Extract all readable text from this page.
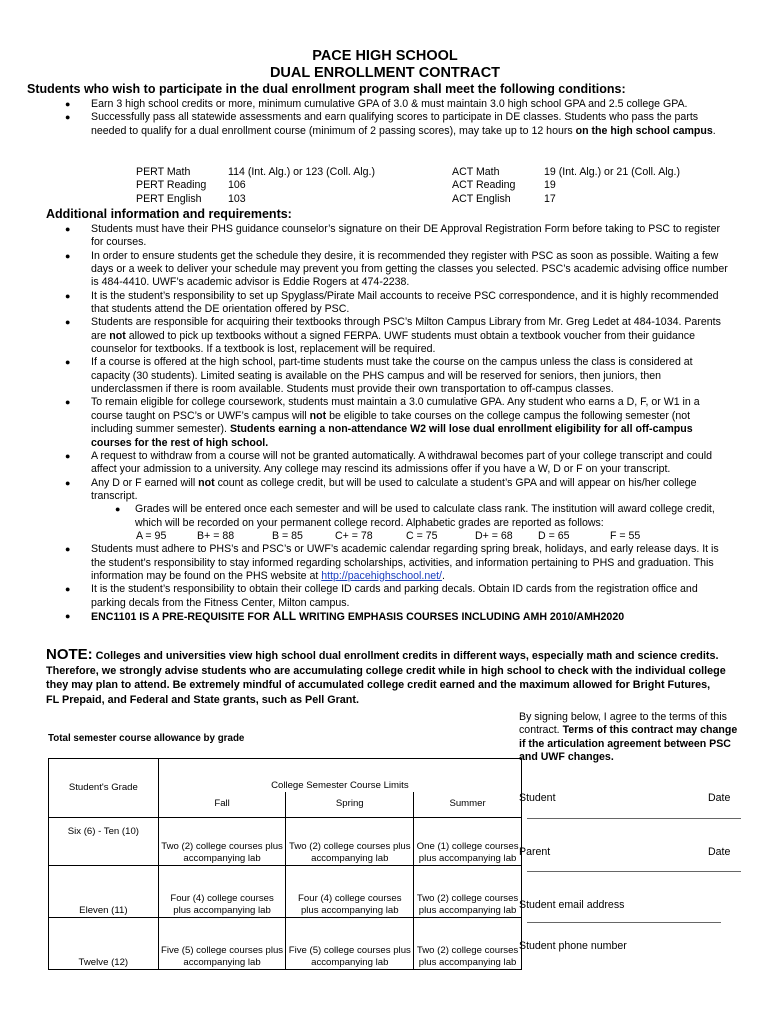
PACE HIGH SCHOOL
DUAL ENROLLMENT CONTRACT
Students who wish to participate in the dual enrollment program shall meet the following conditions:
● Earn 3 high school credits or more, minimum cumulative GPA of 3.0 & must maintain 3.0 high school GPA and 2.5 college GPA.
● Successfully pass all statewide assessments and earn qualifying scores to participate in DE classes. Students who pass the parts needed to qualify for a dual enrollment course (minimum of 2 passing scores), may take up to 12 hours on the high school campus.
PERT Math	114 (Int. Alg.) or 123 (Coll. Alg.)	ACT Math	19 (Int. Alg.) or 21 (Coll. Alg.)
PERT Reading 106	ACT Reading	19
PERT English 103	ACT English	17
Additional information and requirements:
● Students must have their PHS guidance counselor’s signature on their DE Approval Registration Form before taking to PSC to register for courses.
● In order to ensure students get the schedule they desire, it is recommended they register with PSC as soon as possible. Waiting a few days or a week to deliver your schedule may prevent you from getting the classes you selected. PSC’s academic advising office number is 484-4410. UWF’s academic advisor is Eddie Rogers at 474-2238.
● It is the student’s responsibility to set up Spyglass/Pirate Mail accounts to receive PSC correspondence, and it is highly recommended that students attend the DE orientation offered by PSC.
● Students are responsible for acquiring their textbooks through PSC’s Milton Campus Library from Mr. Greg Ledet at 484-1034. Parents are not allowed to pick up textbooks without a signed FERPA. UWF students must obtain a textbook voucher from their guidance counselor for textbooks. If a textbook is lost, replacement will be required.
● If a course is offered at the high school, part-time students must take the course on the campus unless the class is considered at capacity (30 students). Limited seating is available on the PHS campus and will be reserved for seniors, then juniors, then underclassmen if there is room available. Students must provide their own transportation to off-campus classes.
● To remain eligible for college coursework, students must maintain a 3.0 cumulative GPA. Any student who earns a D, F, or W1 in a course taught on PSC’s or UWF’s campus will not be eligible to take courses on the college campus the following semester (not including summer semester). Students earning a non-attendance W2 will lose dual enrollment eligibility for all off-campus courses for the rest of high school.
● A request to withdraw from a course will not be granted automatically. A withdrawal becomes part of your college transcript and could affect your admission to a university. Any college may rescind its admissions offer if you have a W, D or F on your transcript.
● Any D or F earned will not count as college credit, but will be used to calculate a student’s GPA and will appear on his/her college transcript.
● Grades will be entered once each semester and will be used to calculate class rank. The institution will award college credit, which will be recorded on your permanent college record. Alphabetic grades are reported as follows:
A = 95	B+ = 88	B = 85	C+ = 78	C = 75	D+ = 68 D = 65	F = 55
● Students must adhere to PHS’s and PSC’s or UWF’s academic calendar regarding spring break, holidays, and early release days. It is the student’s responsibility to stay informed regarding scholarships, activities, and information pertaining to PHS and graduation. This information may be found on the PHS website at http://pacehighschool.net/.
● It is the student’s responsibility to obtain their college ID cards and parking decals. Obtain ID cards from the registration office and parking decals from the Fitness Center, Milton campus.
● ENC1101 IS A PRE-REQUISITE FOR ALL WRITING EMPHASIS COURSES INCLUDING AMH 2010/AMH2020
NOTE: Colleges and universities view high school dual enrollment credits in different ways, especially math and science credits. Therefore, we strongly advise students who are accumulating college credit while in high school to check with the individual college they may plan to attend. Be extremely mindful of accumulated college credit earned and the maximum allowed for Bright Futures, FL Prepaid, and Federal and State grants, such as Pell Grant.
Total semester course allowance by grade
Student's Grade	College Semester Course Limits		
	Fall	Spring	Summer
Six (6) - Ten (10)	Two (2) college courses plus accompanying lab	Two (2) college courses plus accompanying lab	One (1) college courses plus accompanying lab
Eleven (11)	Four (4) college courses plus accompanying lab	Four (4) college courses plus accompanying lab	Two (2) college courses plus accompanying lab
Twelve (12)	Five (5) college courses plus accompanying lab	Five (5) college courses plus accompanying lab	Two (2) college courses plus accompanying lab
By signing below, I agree to the terms of this contract. Terms of this contract may change if the articulation agreement between PSC and UWF changes.
Student	Date
Parent	Date
Student email address
Student phone number
